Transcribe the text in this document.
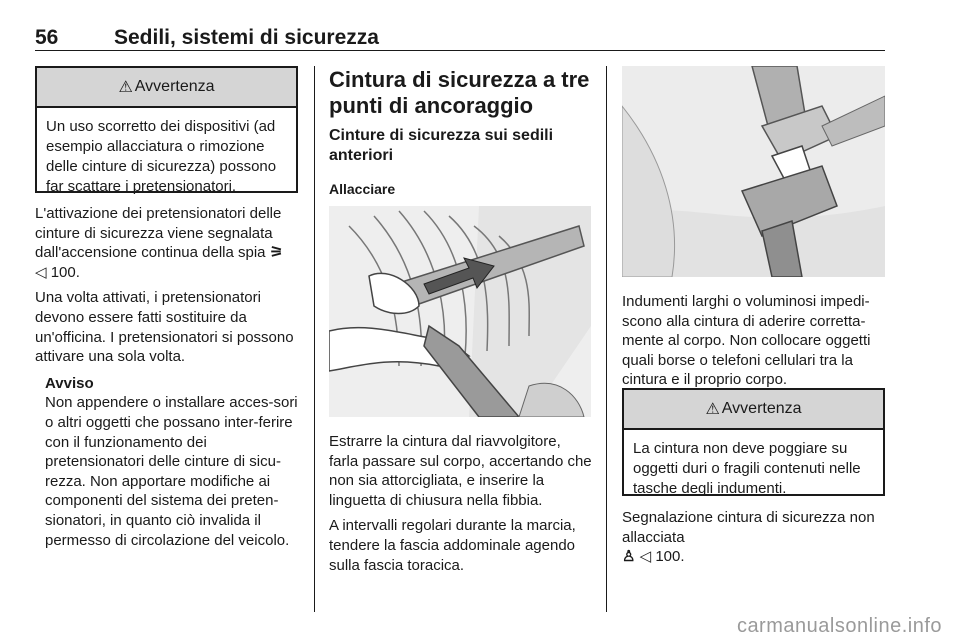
56	Sedili, sistemi di sicurezza
⚠ Avvertenza
Un uso scorretto dei dispositivi (ad esempio allacciatura o rimozione delle cinture di sicurezza) possono far scattare i pretensionatori.

L'attivazione dei pretensionatori delle cinture di sicurezza viene segnalata dall'accensione continua della spia ⚞
◁ 100.

Una volta attivati, i pretensionatori devono essere fatti sostituire da un'officina. I pretensionatori si possono attivare una sola volta.

Avviso
Non appendere o installare acces-sori o altri oggetti che possano inter-ferire con il funzionamento dei pretensionatori delle cinture di sicu-rezza. Non apportare modifiche ai componenti del sistema dei preten-sionatori, in quanto ciò invalida il permesso di circolazione del veicolo.
Cintura di sicurezza a tre punti di ancoraggio
Cinture di sicurezza sui sedili anteriori
Allacciare

Estrarre la cintura dal riavvolgitore, farla passare sul corpo, accertando che non sia attorcigliata, e inserire la linguetta di chiusura nella fibbia.

A intervalli regolari durante la marcia, tendere la fascia addominale agendo sulla fascia toracica.

Indumenti larghi o voluminosi impedi-scono alla cintura di aderire corretta-mente al corpo. Non collocare oggetti quali borse o telefoni cellulari tra la cintura e il proprio corpo.

⚠ Avvertenza
La cintura non deve poggiare su oggetti duri o fragili contenuti nelle tasche degli indumenti.

Segnalazione cintura di sicurezza non allacciata
♙ ◁ 100.

carmanualsonline.info
